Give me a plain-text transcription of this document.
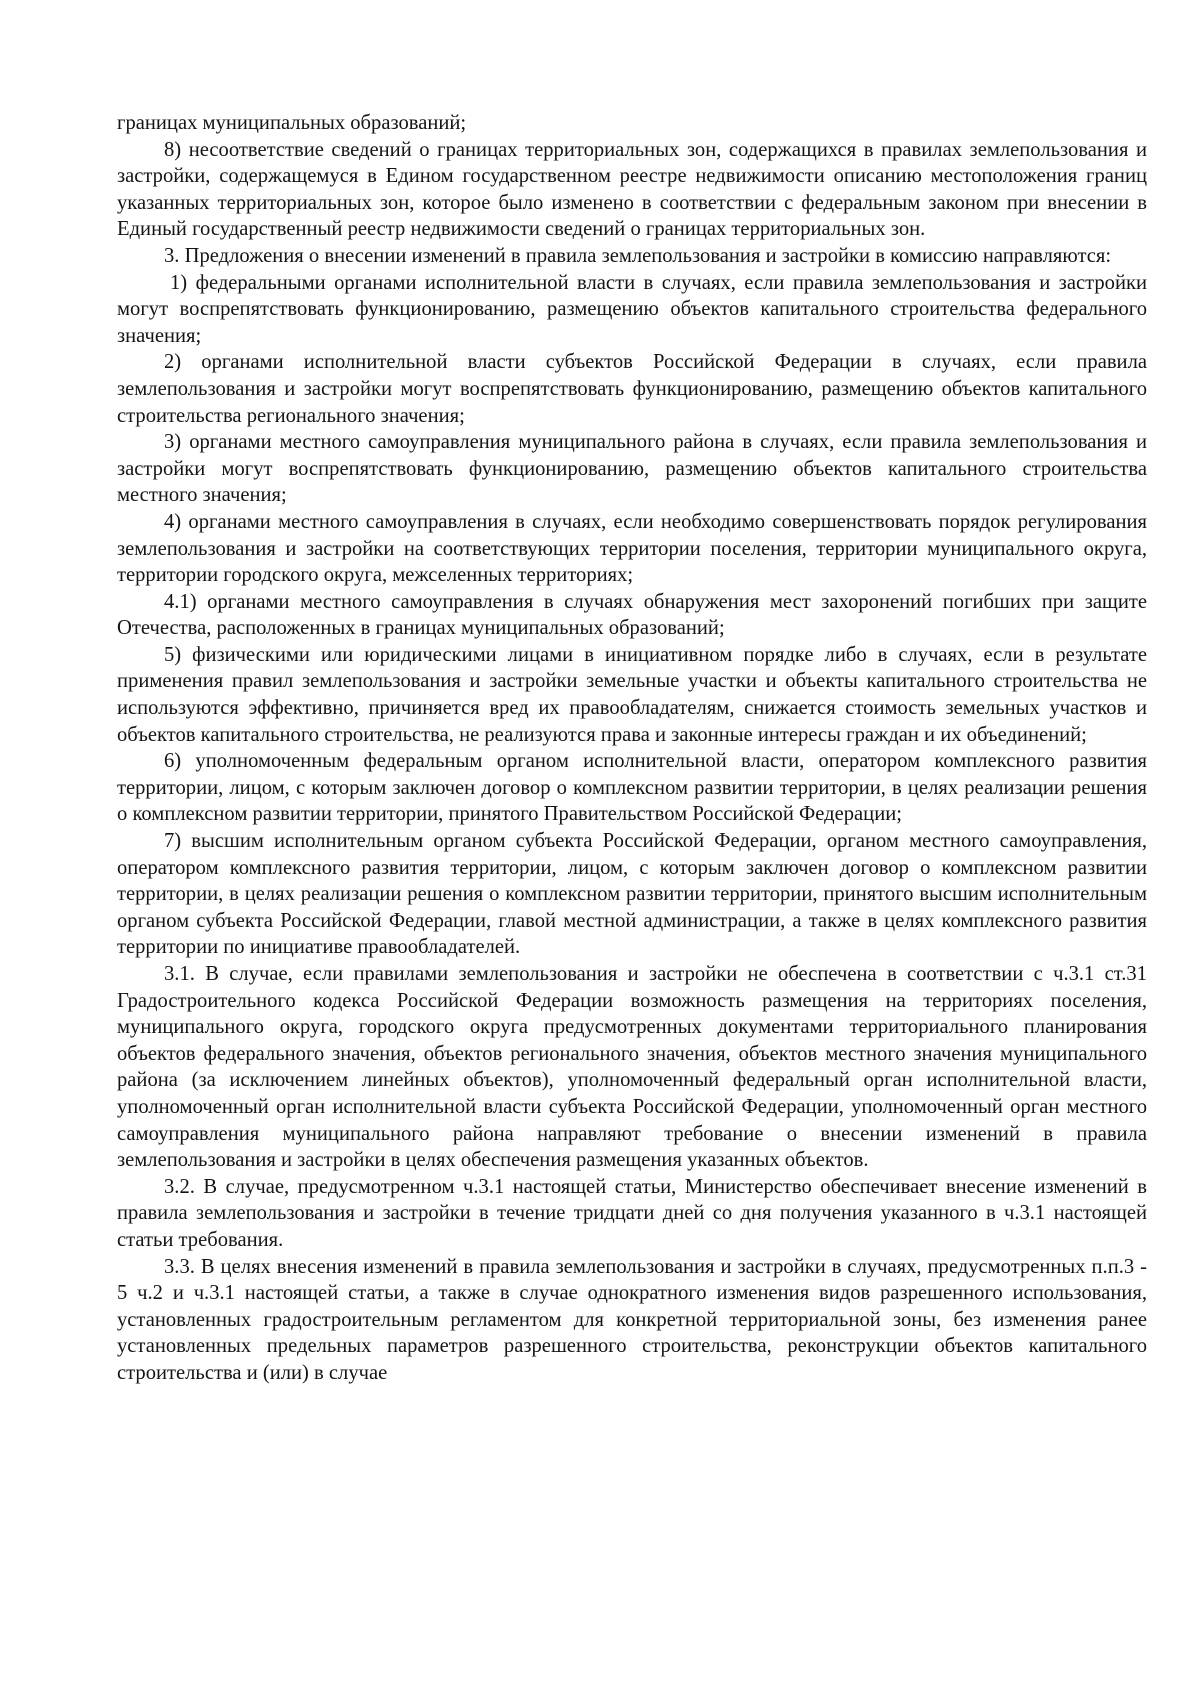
границах муниципальных образований;

8) несоответствие сведений о границах территориальных зон, содержащихся в правилах землепользования и застройки, содержащемуся в Едином государственном реестре недвижимости описанию местоположения границ указанных территориальных зон, которое было изменено в соответствии с федеральным законом при внесении в Единый государственный реестр недвижимости сведений о границах территориальных зон.

3. Предложения о внесении изменений в правила землепользования и застройки в комиссию направляются:

1) федеральными органами исполнительной власти в случаях, если правила землепользования и застройки могут воспрепятствовать функционированию, размещению объектов капитального строительства федерального значения;

2) органами исполнительной власти субъектов Российской Федерации в случаях, если правила землепользования и застройки могут воспрепятствовать функционированию, размещению объектов капитального строительства регионального значения;

3) органами местного самоуправления муниципального района в случаях, если правила землепользования и застройки могут воспрепятствовать функционированию, размещению объектов капитального строительства местного значения;

4) органами местного самоуправления в случаях, если необходимо совершенствовать порядок регулирования землепользования и застройки на соответствующих территории поселения, территории муниципального округа, территории городского округа, межселенных территориях;

4.1) органами местного самоуправления в случаях обнаружения мест захоронений погибших при защите Отечества, расположенных в границах муниципальных образований;

5) физическими или юридическими лицами в инициативном порядке либо в случаях, если в результате применения правил землепользования и застройки земельные участки и объекты капитального строительства не используются эффективно, причиняется вред их правообладателям, снижается стоимость земельных участков и объектов капитального строительства, не реализуются права и законные интересы граждан и их объединений;

6) уполномоченным федеральным органом исполнительной власти, оператором комплексного развития территории, лицом, с которым заключен договор о комплексном развитии территории, в целях реализации решения о комплексном развитии территории, принятого Правительством Российской Федерации;

7) высшим исполнительным органом субъекта Российской Федерации, органом местного самоуправления, оператором комплексного развития территории, лицом, с которым заключен договор о комплексном развитии территории, в целях реализации решения о комплексном развитии территории, принятого высшим исполнительным органом субъекта Российской Федерации, главой местной администрации, а также в целях комплексного развития территории по инициативе правообладателей.

3.1. В случае, если правилами землепользования и застройки не обеспечена в соответствии с ч.3.1 ст.31 Градостроительного кодекса Российской Федерации возможность размещения на территориях поселения, муниципального округа, городского округа предусмотренных документами территориального планирования объектов федерального значения, объектов регионального значения, объектов местного значения муниципального района (за исключением линейных объектов), уполномоченный федеральный орган исполнительной власти, уполномоченный орган исполнительной власти субъекта Российской Федерации, уполномоченный орган местного самоуправления муниципального района направляют требование о внесении изменений в правила землепользования и застройки в целях обеспечения размещения указанных объектов.

3.2. В случае, предусмотренном ч.3.1 настоящей статьи, Министерство обеспечивает внесение изменений в правила землепользования и застройки в течение тридцати дней со дня получения указанного в ч.3.1 настоящей статьи требования.

3.3. В целях внесения изменений в правила землепользования и застройки в случаях, предусмотренных п.п.3 - 5 ч.2 и ч.3.1 настоящей статьи, а также в случае однократного изменения видов разрешенного использования, установленных градостроительным регламентом для конкретной территориальной зоны, без изменения ранее установленных предельных параметров разрешенного строительства, реконструкции объектов капитального строительства и (или) в случае
